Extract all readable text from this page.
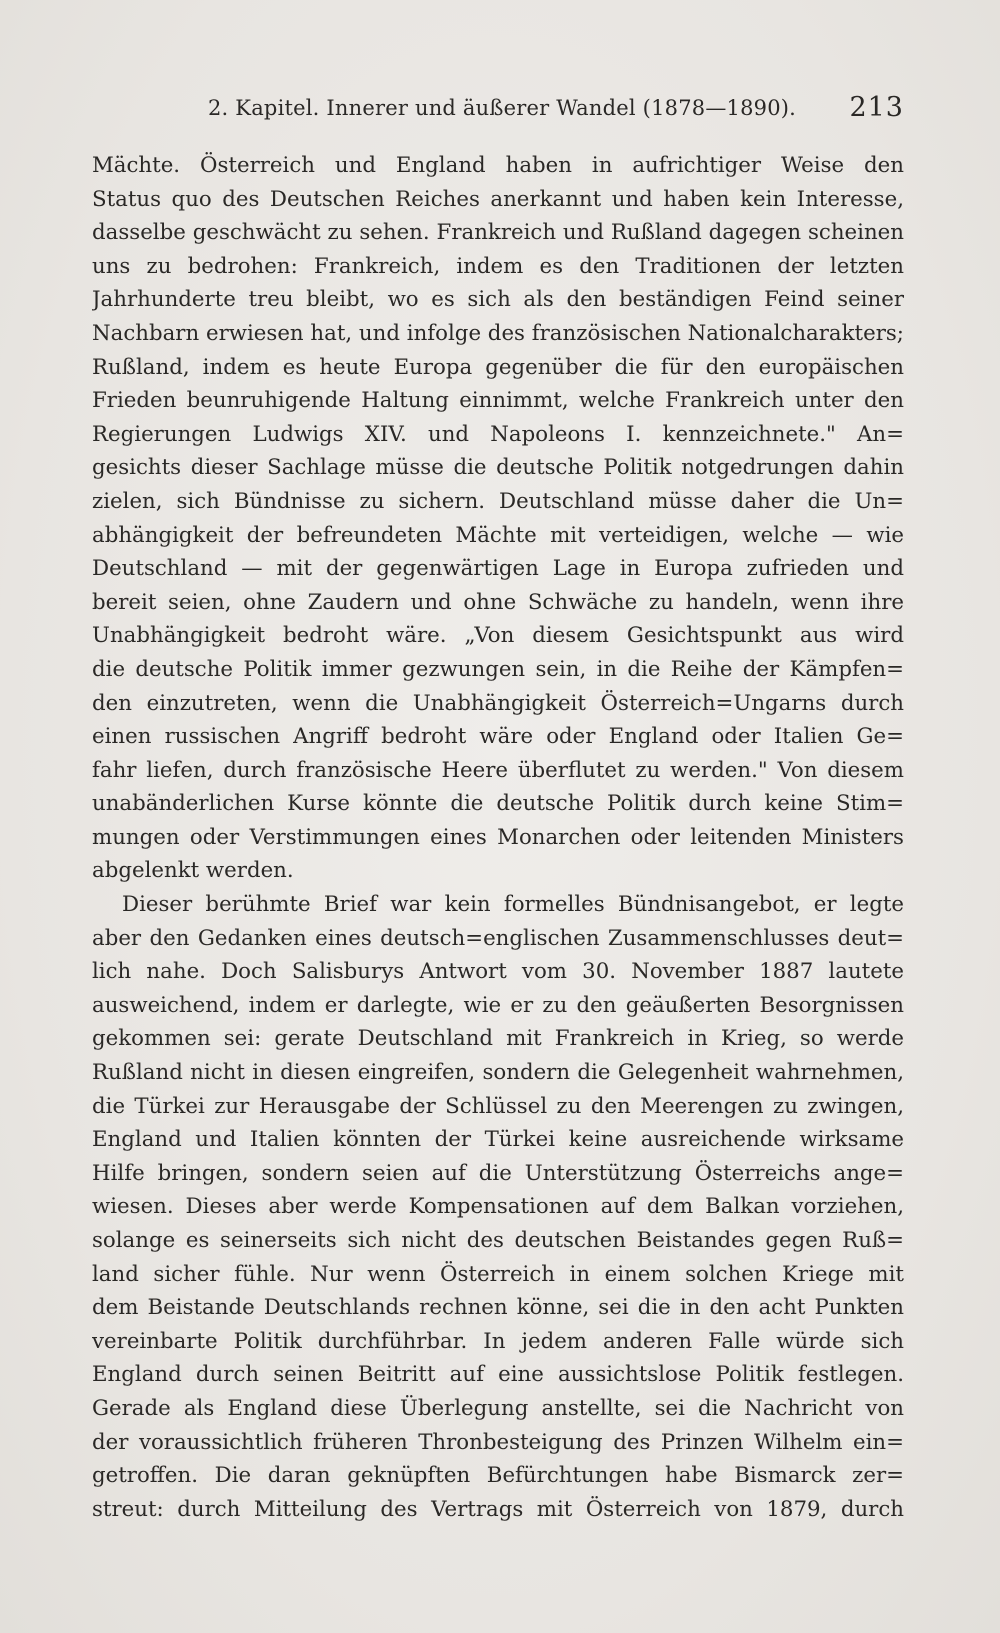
2. Kapitel. Innerer und äußerer Wandel (1878—1890). 213
Mächte. Österreich und England haben in aufrichtiger Weise den
Status quo des Deutschen Reiches anerkannt und haben kein Interesse,
dasselbe geschwächt zu sehen. Frankreich und Rußland dagegen scheinen
uns zu bedrohen: Frankreich, indem es den Traditionen der letzten
Jahrhunderte treu bleibt, wo es sich als den beständigen Feind seiner
Nachbarn erwiesen hat, und infolge des französischen Nationalcharakters;
Rußland, indem es heute Europa gegenüber die für den europäischen
Frieden beunruhigende Haltung einnimmt, welche Frankreich unter den
Regierungen Ludwigs XIV. und Napoleons I. kennzeichnete." An=
gesichts dieser Sachlage müsse die deutsche Politik notgedrungen dahin
zielen, sich Bündnisse zu sichern. Deutschland müsse daher die Un=
abhängigkeit der befreundeten Mächte mit verteidigen, welche — wie
Deutschland — mit der gegenwärtigen Lage in Europa zufrieden und
bereit seien, ohne Zaudern und ohne Schwäche zu handeln, wenn ihre
Unabhängigkeit bedroht wäre. „Von diesem Gesichtspunkt aus wird
die deutsche Politik immer gezwungen sein, in die Reihe der Kämpfen=
den einzutreten, wenn die Unabhängigkeit Österreich=Ungarns durch
einen russischen Angriff bedroht wäre oder England oder Italien Ge=
fahr liefen, durch französische Heere überflutet zu werden." Von diesem
unabänderlichen Kurse könnte die deutsche Politik durch keine Stim=
mungen oder Verstimmungen eines Monarchen oder leitenden Ministers
abgelenkt werden.
Dieser berühmte Brief war kein formelles Bündnisangebot, er legte
aber den Gedanken eines deutsch=englischen Zusammenschlusses deut=
lich nahe. Doch Salisburys Antwort vom 30. November 1887 lautete
ausweichend, indem er darlegte, wie er zu den geäußerten Besorgnissen
gekommen sei: gerate Deutschland mit Frankreich in Krieg, so werde
Rußland nicht in diesen eingreifen, sondern die Gelegenheit wahrnehmen,
die Türkei zur Herausgabe der Schlüssel zu den Meerengen zu zwingen,
England und Italien könnten der Türkei keine ausreichende wirksame
Hilfe bringen, sondern seien auf die Unterstützung Österreichs ange=
wiesen. Dieses aber werde Kompensationen auf dem Balkan vorziehen,
solange es seinerseits sich nicht des deutschen Beistandes gegen Ruß=
land sicher fühle. Nur wenn Österreich in einem solchen Kriege mit
dem Beistande Deutschlands rechnen könne, sei die in den acht Punkten
vereinbarte Politik durchführbar. In jedem anderen Falle würde sich
England durch seinen Beitritt auf eine aussichtslose Politik festlegen.
Gerade als England diese Überlegung anstellte, sei die Nachricht von
der voraussichtlich früheren Thronbesteigung des Prinzen Wilhelm ein=
getroffen. Die daran geknüpften Befürchtungen habe Bismarck zer=
streut: durch Mitteilung des Vertrags mit Österreich von 1879, durch
